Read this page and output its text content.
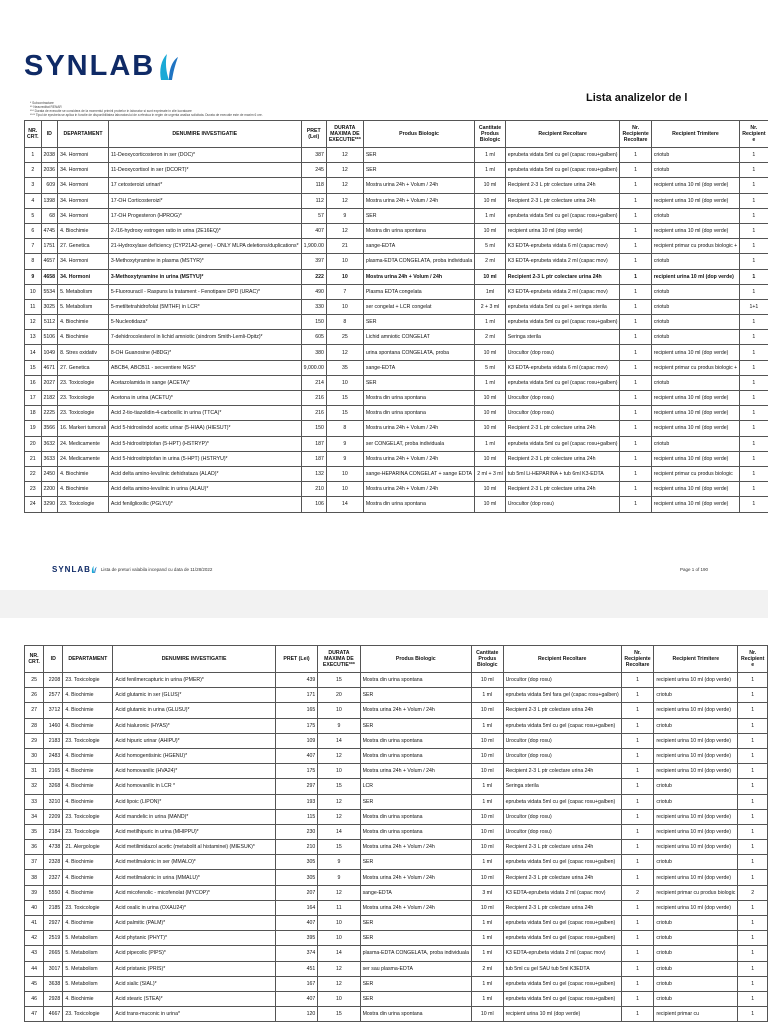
SYNLAB
Lista analizelor de l
* Subcontractare
** Neacreditat RENAR
*** Durata de executie se considera de la momentul primirii probelor in laborator si sunt exprimate in zile lucratoare
**** Tipul de eprubeta se aplica in functie de disponibilitatea laboratorului de a efectua in regim de urgenta analiza solicitata. Durata de executie este de maxim 6 ore.
NR. CRT.	ID	DEPARTAMENT	DENUMIRE INVESTIGATIE	PRET (Lei)	DURATA MAXIMA DE EXECUTIE***	Produs Biologic	Cantitate Produs Biologic	Recipient Recoltare	Nr. Recipiente Recoltare	Recipient Trimitere	Nr. Recipient e
1	2038	34. Hormoni	11-Deoxycorticosteron in ser (DOC)*	387	12	SER	1 ml	eprubeta vidata 5ml cu gel (capac rosu+galben)	1	criotub	1
2	2036	34. Hormoni	11-Deoxycortisol in ser (DCORT)*	245	12	SER	1 ml	eprubeta vidata 5ml cu gel (capac rosu+galben)	1	criotub	1
3	609	34. Hormoni	17 cetosteroizi urinari*	118	12	Mostra urina 24h + Volum / 24h	10 ml	Recipient 2-3 L ptr colectare urina 24h	1	recipient urina 10 ml (dop verde)	1
4	1398	34. Hormoni	17-OH Corticosteroizi*	112	12	Mostra urina 24h + Volum / 24h	10 ml	Recipient 2-3 L ptr colectare urina 24h	1	recipient urina 10 ml (dop verde)	1
5	68	34. Hormoni	17-OH Progesteron (HPROG)*	57	9	SER	1 ml	eprubeta vidata 5ml cu gel (capac rosu+galben)	1	criotub	1
6	4745	4. Biochimie	2-/16-hydroxy estrogen ratio in urina (2E16EQ)*	407	12	Mostra din urina spontana	10 ml	recipient urina 10 ml (dop verde)	1	recipient urina 10 ml (dop verde)	1
7	1751	27. Genetica	21-Hydroxylase deficiency (CYP21A2-gene) - ONLY MLPA deletions/duplications*	1,900.00	21	sange-EDTA	5 ml	K3 EDTA-eprubeta vidata 6 ml (capac mov)	1	recipient primar cu produs biologic +	1
8	4657	34. Hormoni	3-Methoxytyramine in plasma (MSTYR)*	397	10	plasma-EDTA CONGELATA, proba individuala	2 ml	K3 EDTA-eprubeta vidata 2 ml (capac mov)	1	criotub	1
9	4658	34. Hormoni	3-Methoxytyramine in urina (MSTYU)*	222	10	Mostra urina 24h + Volum / 24h	10 ml	Recipient 2-3 L ptr colectare urina 24h	1	recipient urina 10 ml (dop verde)	1
10	5534	5. Metabolism	5-Fluorouracil - Raspuns la tratament - Fenotipare DPD (URAC)*	490	7	Plasma EDTA congelata	1ml	K3 EDTA-eprubeta vidata 2 ml (capac mov)	1	criotub	1
11	3025	5. Metabolism	5-metiltetrahidrofolat (5MTHF) in LCR*	330	10	ser congelat + LCR congelat	2 + 3 ml	eprubeta vidata 5ml cu gel + seringa sterila	1	criotub	1+1
12	5112	4. Biochimie	5-Nucleotidaza*	150	8	SER	1 ml	eprubeta vidata 5ml cu gel (capac rosu+galben)	1	criotub	1
13	5106	4. Biochimie	7-dehidrocolesterol in lichid amniotic (sindrom Smith-Lemli-Opitz)*	605	25	Lichid amniotic CONGELAT	2 ml	Seringa sterila	1	criotub	1
14	1049	8. Stres oxidativ	8-OH Guanosine (H8DG)*	380	12	urina spontana CONGELATA, proba	10 ml	Urocultor (dop rosu)	1	recipient urina 10 ml (dop verde)	1
15	4671	27. Genetica	ABCB4, ABCB11 - secventiere NGS*	9,000.00	35	sange-EDTA	5 ml	K3 EDTA-eprubeta vidata 6 ml (capac mov)	1	recipient primar cu produs biologic +	1
16	2027	23. Toxicologie	Acetazolamida in sange (ACETA)*	214	10	SER	1 ml	eprubeta vidata 5ml cu gel (capac rosu+galben)	1	criotub	1
17	2182	23. Toxicologie	Acetona in urina (ACETU)*	216	15	Mostra din urina spontana	10 ml	Urocultor (dop rosu)	1	recipient urina 10 ml (dop verde)	1
18	2225	23. Toxicologie	Acid 2-tio-tiazolidin-4-carboxilic in urina (TTCA)*	216	15	Mostra din urina spontana	10 ml	Urocultor (dop rosu)	1	recipient urina 10 ml (dop verde)	1
19	3566	16. Markeri tumorali	Acid 5-hidroxiindol acetic urinar (5-HIAA) (HIESUT)*	150	8	Mostra urina 24h + Volum / 24h	10 ml	Recipient 2-3 L ptr colectare urina 24h	1	recipient urina 10 ml (dop verde)	1
20	3632	24. Medicamente	Acid 5-hidroxitriptofan (5-HPT) (HSTRYP)*	187	9	ser CONGELAT, proba individuala	1 ml	eprubeta vidata 5ml cu gel (capac rosu+galben)	1	criotub	1
21	3633	24. Medicamente	Acid 5-hidroxitriptofan in urina (5-HPT) (HSTRYU)*	187	9	Mostra urina 24h + Volum / 24h	10 ml	Recipient 2-3 L ptr colectare urina 24h	1	recipient urina 10 ml (dop verde)	1
22	2450	4. Biochimie	Acid delta amino-levulinic dehidrataza (ALAD)*	132	10	sange-HEPARINA CONGELAT + sange EDTA	2 ml + 3 ml	tub 5ml Li-HEPARINA + tub 6ml K3-EDTA	1	recipient primar cu produs biologic	1
23	2200	4. Biochimie	Acid delta amino-levulinic in urina (ALAU)*	210	10	Mostra urina 24h + Volum / 24h	10 ml	Recipient 2-3 L ptr colectare urina 24h	1	recipient urina 10 ml (dop verde)	1
24	3290	23. Toxicologie	Acid fenilglioxilic (PGLYU)*	106	14	Mostra din urina spontana	10 ml	Urocultor (dop rosu)	1	recipient urina 10 ml (dop verde)	1
SYNLAB Lista de preturi valabila incepand cu data de 11/28/2022	Page 1 of 190
NR. CRT.	ID	DEPARTAMENT	DENUMIRE INVESTIGATIE	PRET (Lei)	DURATA MAXIMA DE EXECUTIE***	Produs Biologic	Cantitate Produs Biologic	Recipient Recoltare	Nr. Recipiente Recoltare	Recipient Trimitere	Nr. Recipient e
25	2208	23. Toxicologie	Acid fenilmercapturic in urina (PMER)*	439	15	Mostra din urina spontana	10 ml	Urocultor (dop rosu)	1	recipient urina 10 ml (dop verde)	1
26	2577	4. Biochimie	Acid glutamic in ser (GLUS)*	171	20	SER	1 ml	eprubeta vidata 5ml fara gel (capac rosu+galben)	1	criotub	1
27	3712	4. Biochimie	Acid glutamic in urina (GLUSU)*	165	10	Mostra urina 24h + Volum / 24h	10 ml	Recipient 2-3 L ptr colectare urina 24h	1	recipient urina 10 ml (dop verde)	1
28	1460	4. Biochimie	Acid hialuronic (HYAS)*	175	9	SER	1 ml	eprubeta vidata 5ml cu gel (capac rosu+galben)	1	criotub	1
29	2183	23. Toxicologie	Acid hipuric urinar (AHIPU)*	109	14	Mostra din urina spontana	10 ml	Urocultor (dop rosu)	1	recipient urina 10 ml (dop verde)	1
30	2483	4. Biochimie	Acid homogentisinic (HGENU)*	407	12	Mostra din urina spontana	10 ml	Urocultor (dop rosu)	1	recipient urina 10 ml (dop verde)	1
31	2165	4. Biochimie	Acid homovanilic (HVA24)*	175	10	Mostra urina 24h + Volum / 24h	10 ml	Recipient 2-3 L ptr colectare urina 24h	1	recipient urina 10 ml (dop verde)	1
32	3268	4. Biochimie	Acid homovanilic in LCR *	297	15	LCR	1 ml	Seringa sterila	1	criotub	1
33	3210	4. Biochimie	Acid lipoic (LIPON)*	193	12	SER	1 ml	eprubeta vidata 5ml cu gel (capac rosu+galben)	1	criotub	1
34	2209	23. Toxicologie	Acid mandelic in urina (MAND)*	115	12	Mostra din urina spontana	10 ml	Urocultor (dop rosu)	1	recipient urina 10 ml (dop verde)	1
35	2184	23. Toxicologie	Acid metilhipuric in urina (MHIPPU)*	230	14	Mostra din urina spontana	10 ml	Urocultor (dop rosu)	1	recipient urina 10 ml (dop verde)	1
36	4738	21. Alergologie	Acid metilimidazol acetic (metabolit al histaminei) (MIESUK)*	210	15	Mostra urina 24h + Volum / 24h	10 ml	Recipient 2-3 L ptr colectare urina 24h	1	recipient urina 10 ml (dop verde)	1
37	2328	4. Biochimie	Acid metilmalonic in ser (MMALO)*	305	9	SER	1 ml	eprubeta vidata 5ml cu gel (capac rosu+galben)	1	criotub	1
38	2327	4. Biochimie	Acid metilmalonic in urina (MMALU)*	305	9	Mostra urina 24h + Volum / 24h	10 ml	Recipient 2-3 L ptr colectare urina 24h	1	recipient urina 10 ml (dop verde)	1
39	5550	4. Biochimie	Acid micofenolic - micofenolat (MYCOP)*	207	12	sange-EDTA	3 ml	K3 EDTA-eprubeta vidata 2 ml (capac mov)	2	recipient primar cu produs biologic	2
40	2185	23. Toxicologie	Acid oxalic in urina (OXAU24)*	164	11	Mostra urina 24h + Volum / 24h	10 ml	Recipient 2-3 L ptr colectare urina 24h	1	recipient urina 10 ml (dop verde)	1
41	2927	4. Biochimie	Acid palmitic (PALM)*	407	10	SER	1 ml	eprubeta vidata 5ml cu gel (capac rosu+galben)	1	criotub	1
42	2519	5. Metabolism	Acid phytanic (PHYT)*	395	10	SER	1 ml	eprubeta vidata 5ml cu gel (capac rosu+galben)	1	criotub	1
43	2665	5. Metabolism	Acid pipecolic (PIPS)*	374	14	plasma-EDTA CONGELATA, proba individuala	1 ml	K3 EDTA-eprubeta vidata 2 ml (capac mov)	1	criotub	1
44	3017	5. Metabolism	Acid pristanic (PRIS)*	451	12	ser sau plasma-EDTA	2 ml	tub 5ml cu gel SAU tub 5ml K3EDTA	1	criotub	1
45	3638	5. Metabolism	Acid sialic (SIAL)*	167	12	SER	1 ml	eprubeta vidata 5ml cu gel (capac rosu+galben)	1	criotub	1
46	2928	4. Biochimie	Acid stearic (STEA)*	407	10	SER	1 ml	eprubeta vidata 5ml cu gel (capac rosu+galben)	1	criotub	1
47	4667	23. Toxicologie	Acid trans-muconic in urina*	120	15	Mostra din urina spontana	10 ml	recipient urina 10 ml (dop verde)	1	recipient primar cu	1
